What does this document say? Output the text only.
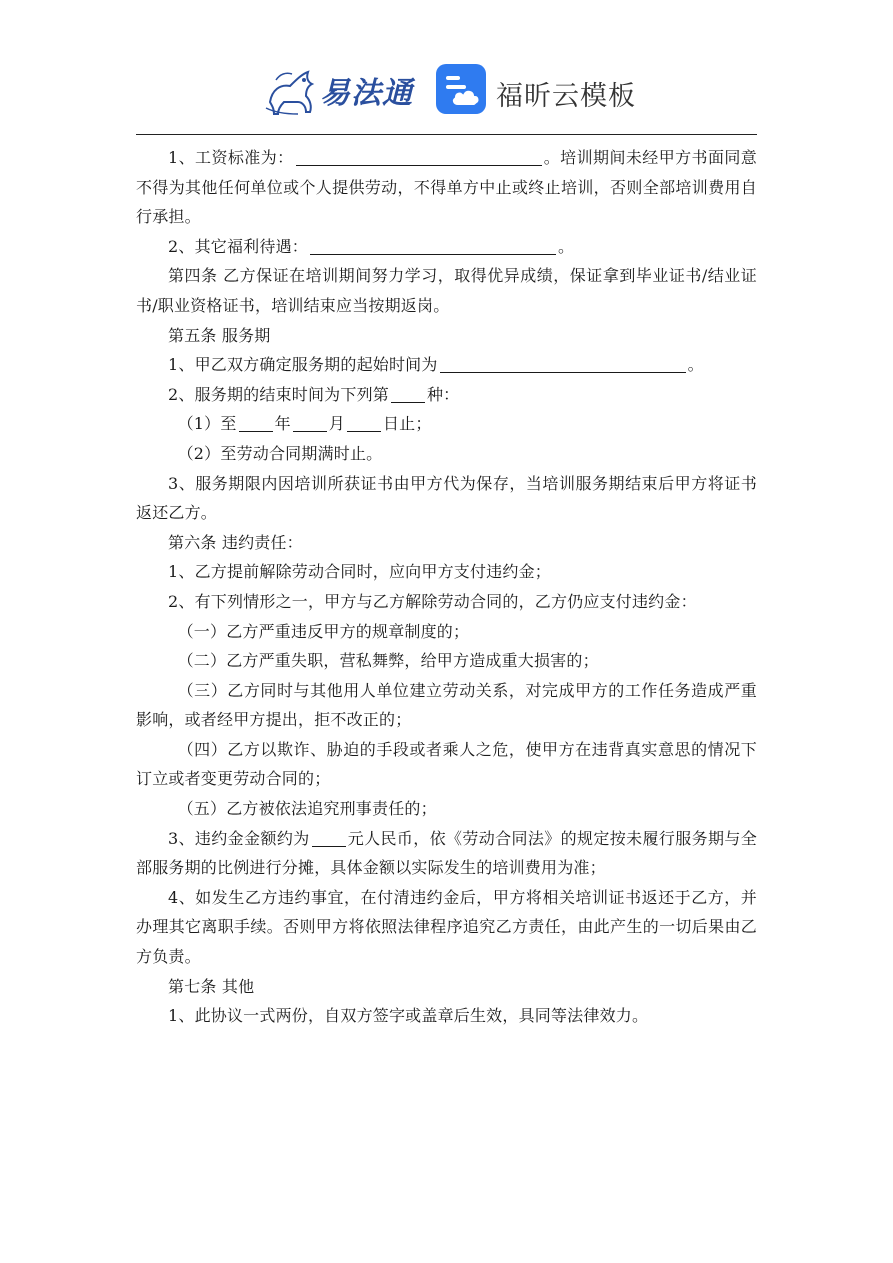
易法通	福昕云模板

1、工资标准为：	。培训期间未经甲方书面同意不得为其他任何单位或个人提供劳动，不得单方中止或终止培训，否则全部培训费用自行承担。

2、其它福利待遇：	。

第四条 乙方保证在培训期间努力学习，取得优异成绩，保证拿到毕业证书/结业证书/职业资格证书，培训结束应当按期返岗。

第五条 服务期

1、甲乙双方确定服务期的起始时间为	。

2、服务期的结束时间为下列第 种：

（1）至 年 月 日止；

（2）至劳动合同期满时止。

3、服务期限内因培训所获证书由甲方代为保存，当培训服务期结束后甲方将证书返还乙方。

第六条 违约责任：

1、乙方提前解除劳动合同时，应向甲方支付违约金；

2、有下列情形之一，甲方与乙方解除劳动合同的，乙方仍应支付违约金：

（一）乙方严重违反甲方的规章制度的；

（二）乙方严重失职，营私舞弊，给甲方造成重大损害的；

（三）乙方同时与其他用人单位建立劳动关系，对完成甲方的工作任务造成严重影响，或者经甲方提出，拒不改正的；

（四）乙方以欺诈、胁迫的手段或者乘人之危，使甲方在违背真实意思的情况下订立或者变更劳动合同的；

（五）乙方被依法追究刑事责任的；

3、违约金金额约为 元人民币，依《劳动合同法》的规定按未履行服务期与全部服务期的比例进行分摊，具体金额以实际发生的培训费用为准；

4、如发生乙方违约事宜，在付清违约金后，甲方将相关培训证书返还于乙方，并办理其它离职手续。否则甲方将依照法律程序追究乙方责任，由此产生的一切后果由乙方负责。

第七条 其他

1、此协议一式两份，自双方签字或盖章后生效，具同等法律效力。
